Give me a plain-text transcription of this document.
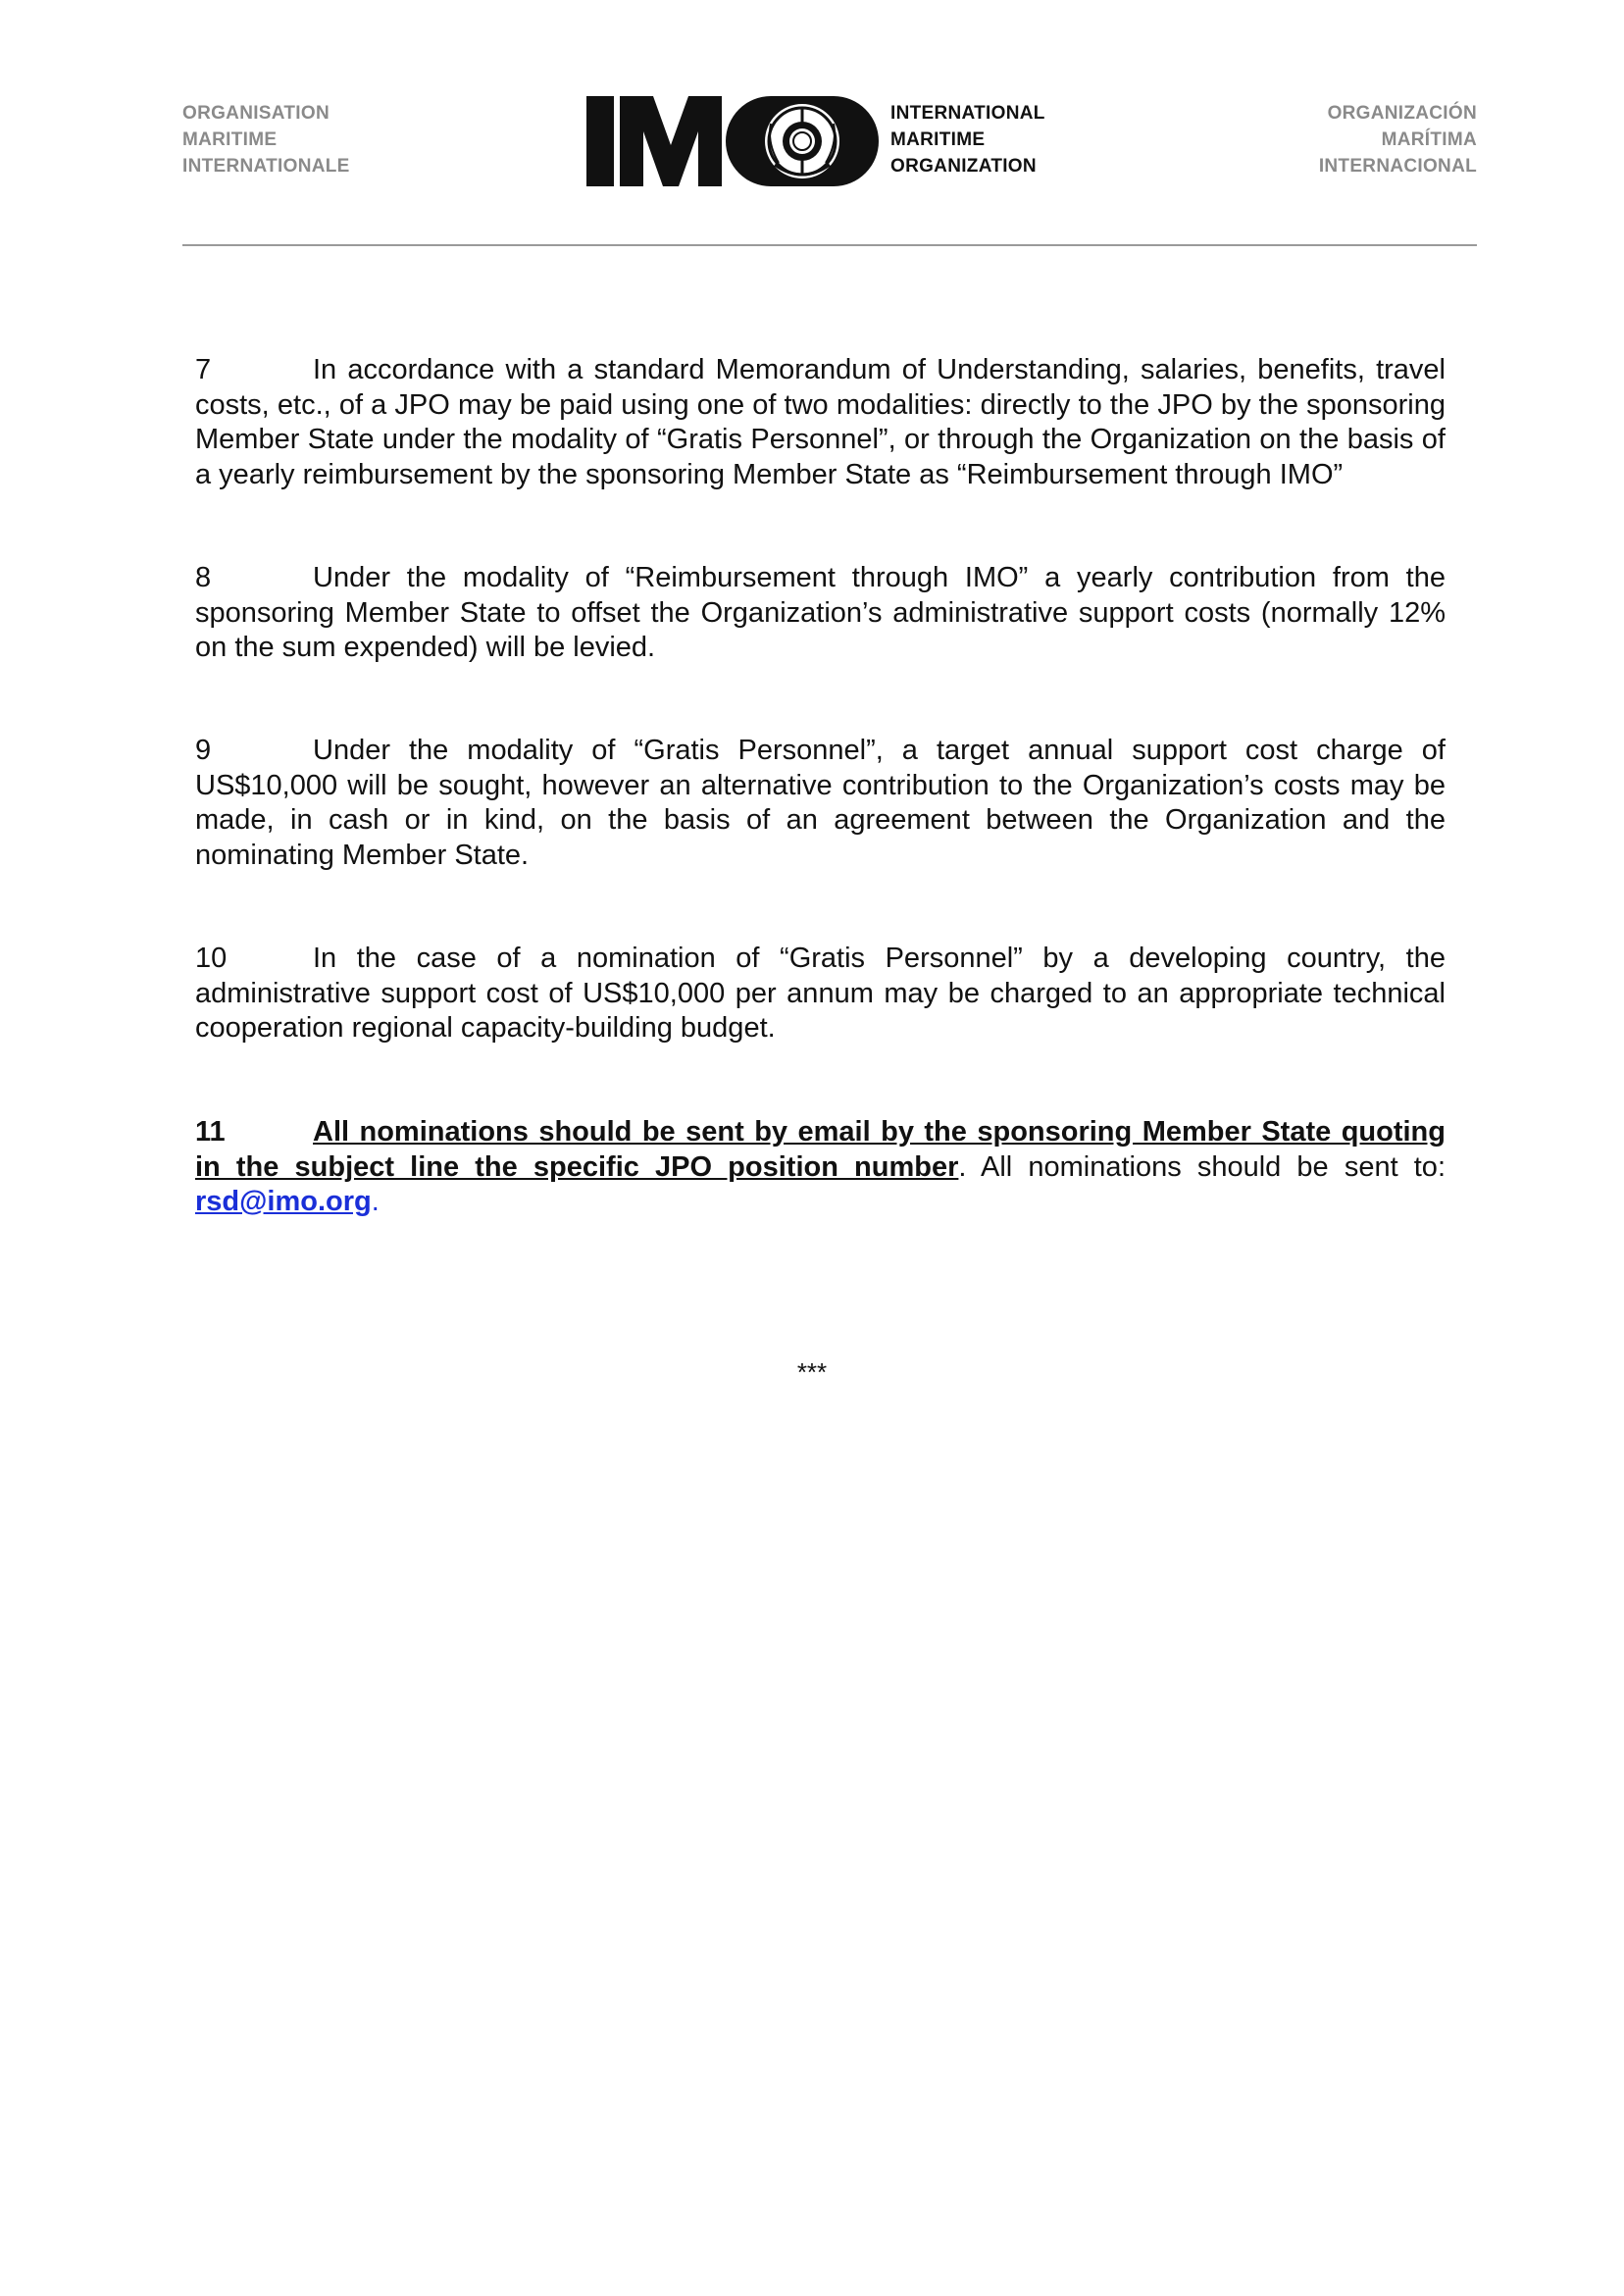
ORGANISATION
MARITIME
INTERNATIONALE
INTERNATIONAL
MARITIME
ORGANIZATION
ORGANIZACIÓN
MARÍTIMA
INTERNACIONAL

7	In accordance with a standard Memorandum of Understanding, salaries, benefits, travel costs, etc., of a JPO may be paid using one of two modalities: directly to the JPO by the sponsoring Member State under the modality of “Gratis Personnel”, or through the Organization on the basis of a yearly reimbursement by the sponsoring Member State as “Reimbursement through IMO”

8	Under the modality of “Reimbursement through IMO” a yearly contribution from the sponsoring Member State to offset the Organization’s administrative support costs (normally 12% on the sum expended) will be levied.

9	Under the modality of “Gratis Personnel”, a target annual support cost charge of US$10,000 will be sought, however an alternative contribution to the Organization’s costs may be made, in cash or in kind, on the basis of an agreement between the Organization and the nominating Member State.

10	In the case of a nomination of “Gratis Personnel” by a developing country, the administrative support cost of US$10,000 per annum may be charged to an appropriate technical cooperation regional capacity-building budget.

11	All nominations should be sent by email by the sponsoring Member State quoting in the subject line the specific JPO position number. All nominations should be sent to: rsd@imo.org.

***
